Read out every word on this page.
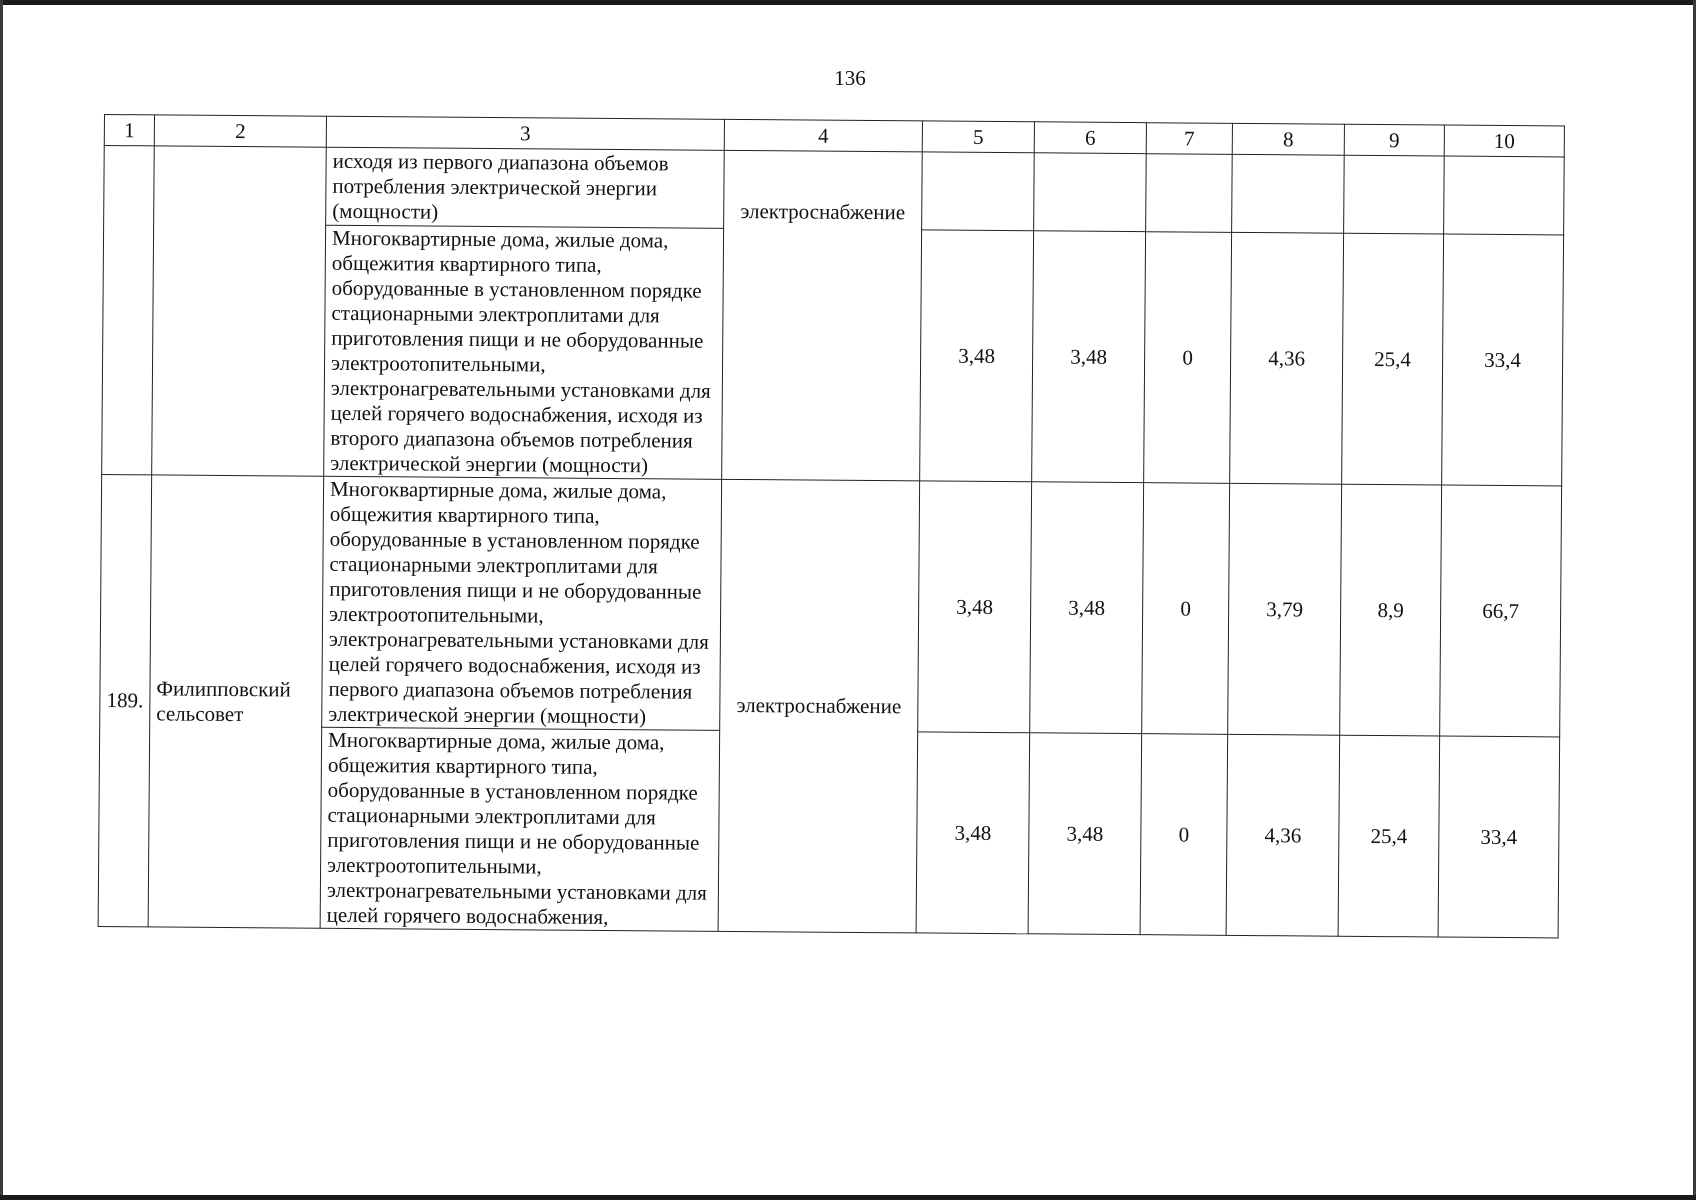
136
1	2	3	4	5	6	7	8	9	10
		исходя из первого диапазона объемов потребления электрической энергии (мощности)	электроснабжение						
		Многоквартирные дома, жилые дома, общежития квартирного типа, оборудованные в установленном порядке стационарными электроплитами для приготовления пищи и не оборудованные электроотопительными, электронагревательными установками для целей горячего водоснабжения, исходя из второго диапазона объемов потребления электрической энергии (мощности)		3,48	3,48	0	4,36	25,4	33,4
189.	Филипповский сельсовет	Многоквартирные дома, жилые дома, общежития квартирного типа, оборудованные в установленном порядке стационарными электроплитами для приготовления пищи и не оборудованные электроотопительными, электронагревательными установками для целей горячего водоснабжения, исходя из первого диапазона объемов потребления электрической энергии (мощности)	электроснабжение	3,48	3,48	0	3,79	8,9	66,7
		Многоквартирные дома, жилые дома, общежития квартирного типа, оборудованные в установленном порядке стационарными электроплитами для приготовления пищи и не оборудованные электроотопительными, электронагревательными установками для целей горячего водоснабжения,		3,48	3,48	0	4,36	25,4	33,4
